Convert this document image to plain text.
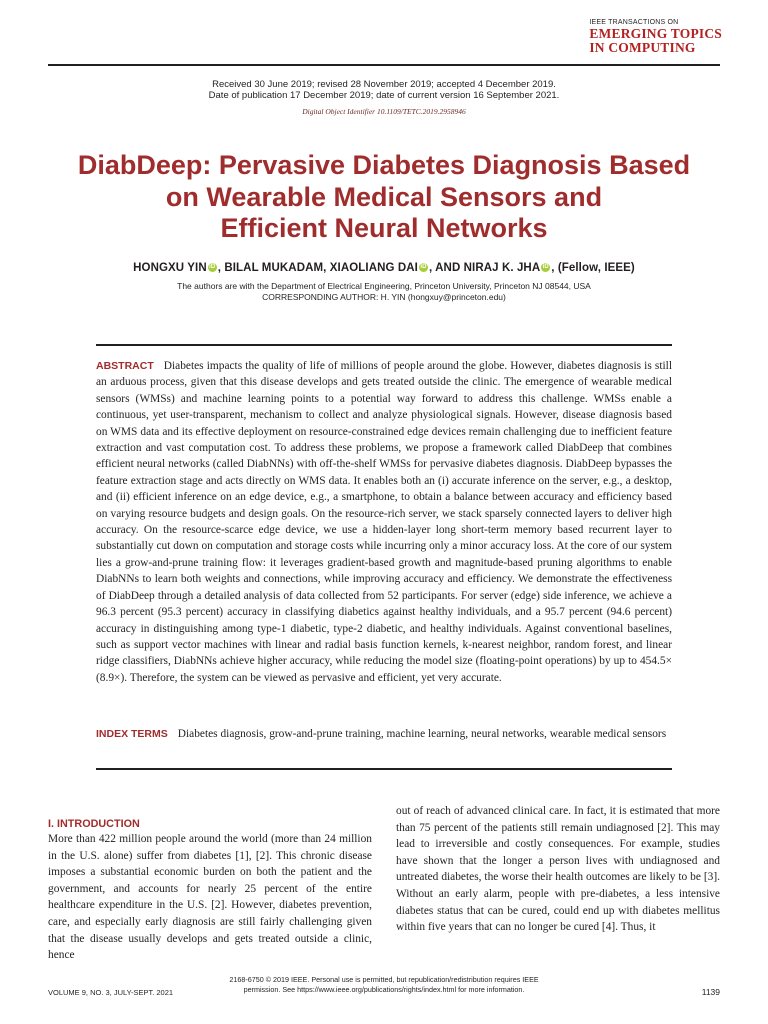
IEEE TRANSACTIONS ON
EMERGING TOPICS
IN COMPUTING
Received 30 June 2019; revised 28 November 2019; accepted 4 December 2019.
Date of publication 17 December 2019; date of current version 16 September 2021.
Digital Object Identifier 10.1109/TETC.2019.2958946
DiabDeep: Pervasive Diabetes Diagnosis Based
on Wearable Medical Sensors and
Efficient Neural Networks
HONGXU YIN iD , BILAL MUKADAM, XIAOLIANG DAI iD , AND NIRAJ K. JHA iD , (Fellow, IEEE)
The authors are with the Department of Electrical Engineering, Princeton University, Princeton NJ 08544, USA
CORRESPONDING AUTHOR: H. YIN (hongxuy@princeton.edu)
ABSTRACT Diabetes impacts the quality of life of millions of people around the globe. However, diabetes diagnosis is still an arduous process, given that this disease develops and gets treated outside the clinic. The emergence of wearable medical sensors (WMSs) and machine learning points to a potential way forward to address this challenge. WMSs enable a continuous, yet user-transparent, mechanism to collect and analyze physiological signals. However, disease diagnosis based on WMS data and its effective deployment on resource-constrained edge devices remain challenging due to inefficient feature extraction and vast computation cost. To address these problems, we propose a framework called DiabDeep that combines efficient neural networks (called DiabNNs) with off-the-shelf WMSs for pervasive diabetes diagnosis. DiabDeep bypasses the feature extraction stage and acts directly on WMS data. It enables both an (i) accurate inference on the server, e.g., a desktop, and (ii) efficient inference on an edge device, e.g., a smartphone, to obtain a balance between accuracy and efficiency based on varying resource budgets and design goals. On the resource-rich server, we stack sparsely connected layers to deliver high accuracy. On the resource-scarce edge device, we use a hidden-layer long short-term memory based recurrent layer to substantially cut down on computation and storage costs while incurring only a minor accuracy loss. At the core of our system lies a grow-and-prune training flow: it leverages gradient-based growth and magnitude-based pruning algorithms to enable DiabNNs to learn both weights and connections, while improving accuracy and efficiency. We demonstrate the effectiveness of DiabDeep through a detailed analysis of data collected from 52 participants. For server (edge) side inference, we achieve a 96.3 percent (95.3 percent) accuracy in classifying diabetics against healthy individuals, and a 95.7 percent (94.6 percent) accuracy in distinguishing among type-1 diabetic, type-2 diabetic, and healthy individuals. Against conventional baselines, such as support vector machines with linear and radial basis function kernels, k-nearest neighbor, random forest, and linear ridge classifiers, DiabNNs achieve higher accuracy, while reducing the model size (floating-point operations) by up to 454.5× (8.9×). Therefore, the system can be viewed as pervasive and efficient, yet very accurate.
INDEX TERMS Diabetes diagnosis, grow-and-prune training, machine learning, neural networks, wearable medical sensors
I. INTRODUCTION
More than 422 million people around the world (more than 24 million in the U.S. alone) suffer from diabetes [1], [2]. This chronic disease imposes a substantial economic burden on both the patient and the government, and accounts for nearly 25 percent of the entire healthcare expenditure in the U.S. [2]. However, diabetes prevention, care, and especially early diagnosis are still fairly challenging given that the disease usually develops and gets treated outside a clinic, hence
out of reach of advanced clinical care. In fact, it is estimated that more than 75 percent of the patients still remain undiagnosed [2]. This may lead to irreversible and costly consequences. For example, studies have shown that the longer a person lives with undiagnosed and untreated diabetes, the worse their health outcomes are likely to be [3]. Without an early alarm, people with pre-diabetes, a less intensive diabetes status that can be cured, could end up with diabetes mellitus within five years that can no longer be cured [4]. Thus, it
VOLUME 9, NO. 3, JULY-SEPT. 2021
2168-6750 © 2019 IEEE. Personal use is permitted, but republication/redistribution requires IEEE
permission. See https://www.ieee.org/publications/rights/index.html for more information.	1139
